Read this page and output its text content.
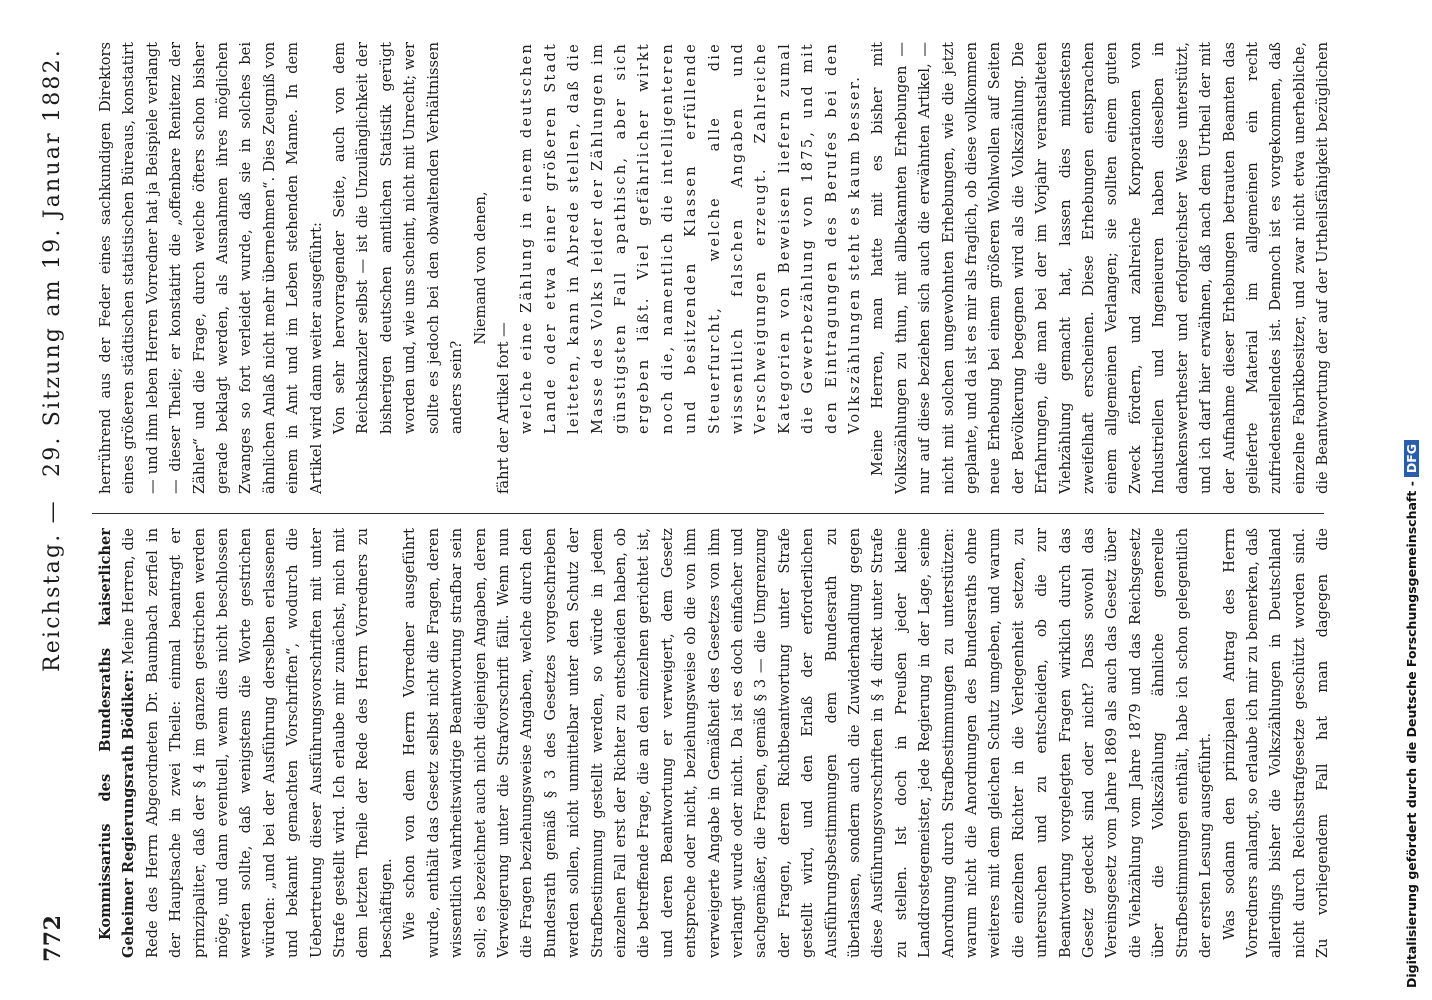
772
Reichstag. —
29. Sitzung am 19. Januar 1882.

Kommissarius des Bundesraths kaiserlicher Geheimer Regierungsrath Bödiker: Meine Herren, die Rede des Herrn Abgeordneten Dr. Baumbach zerfiel in der Hauptsache in zwei Theile: einmal beantragt er prinzipaliter, daß der § 4 im ganzen gestrichen werden möge, und dann eventuell, wenn dies nicht beschlossen werden sollte, daß wenigstens die Worte gestrichen würden: „und bei der Ausführung derselben erlassenen und bekannt gemachten Vorschriften“, wodurch die Uebertretung dieser Ausführungsvorschriften mit unter Strafe gestellt wird. Ich erlaube mir zunächst, mich mit dem letzten Theile der Rede des Herrn Vorredners zu beschäftigen. Wie schon von dem Herrn Vorredner ausgeführt wurde, enthält das Gesetz selbst nicht die Fragen, deren wissentlich wahrheitswidrige Beantwortung strafbar sein soll; es bezeichnet auch nicht diejenigen Angaben, deren Verweigerung unter die Strafvorschrift fällt. Wenn nun die Fragen beziehungsweise Angaben, welche durch den Bundesrath gemäß § 3 des Gesetzes vorgeschrieben werden sollen, nicht unmittelbar unter den Schutz der Strafbestimmung gestellt werden, so würde in jedem einzelnen Fall erst der Richter zu entscheiden haben, ob die betreffende Frage, die an den einzelnen gerichtet ist, und deren Beantwortung er verweigert, dem Gesetz entspreche oder nicht, beziehungsweise ob die von ihm verweigerte Angabe in Gemäßheit des Gesetzes von ihm verlangt wurde oder nicht. Da ist es doch einfacher und sachgemäßer, die Fragen, gemäß § 3 — die Umgrenzung der Fragen, deren Richtbeantwortung unter Strafe gestellt wird, und den Erlaß der erforderlichen Ausführungsbestimmungen dem Bundesrath zu überlassen, sondern auch die Zuwiderhandlung gegen diese Ausführungsvorschriften in § 4 direkt unter Strafe zu stellen. Ist doch in Preußen jeder kleine Landdrostegemeister, jede Regierung in der Lage, seine Anordnung durch Strafbestimmungen zu unterstützen: warum nicht die Anordnungen des Bundesraths ohne weiteres mit dem gleichen Schutz umgeben, und warum die einzelnen Richter in die Verlegenheit setzen, zu untersuchen und zu entscheiden, ob die zur Beantwortung vorgelegten Fragen wirklich durch das Gesetz gedeckt sind oder nicht? Dass sowohl das Vereinsgesetz vom Jahre 1869 als auch das Gesetz über die Viehzählung vom Jahre 1879 und das Reichsgesetz über die Volkszählung ähnliche generelle Strafbestimmungen enthält, habe ich schon gelegentlich der ersten Lesung ausgeführt. Was sodann den prinzipalen Antrag des Herrn Vorredners anlangt, so erlaube ich mir zu bemerken, daß allerdings bisher die Volkszählungen in Deutschland nicht durch Reichsstrafgesetze geschützt worden sind. Zu vorliegendem Fall hat man dagegen die

herrührend aus der Feder eines sachkundigen Direktors eines größeren städtischen statistischen Büreaus, konstatirt — und ihm leben Herren Vorredner hat ja Beispiele verlangt — dieser Theile; er konstatirt die „offenbare Renitenz der Zähler“ und die Frage, durch welche öfters schon bisher gerade beklagt werden, als Ausnahmen ihres möglichen Zwanges so fort verleidet wurde, daß sie in solches bei ähnlichen Anlaß nicht mehr übernehmen“. Dies Zeugniß von einem in Amt und im Leben stehenden Manne. In dem Artikel wird dann weiter ausgeführt: Von sehr hervorragender Seite, auch von dem Reichskanzler selbst — ist die Unzulänglichkeit der bisherigen deutschen amtlichen Statistik gerügt worden und, wie uns scheint, nicht mit Unrecht; wer sollte es jedoch bei den obwaltenden Verhältnissen anders sein?

Niemand von denen,

fährt der Artikel fort — welche eine Zählung in einem deutschen Lande oder etwa einer größeren Stadt leiteten, kann in Abrede stellen, daß die Masse des Volks leider der Zählungen im günstigsten Fall apathisch, aber sich ergeben läßt. Viel gefährlicher wirkt noch die, namentlich die intelligenteren und besitzenden Klassen erfüllende Steuerfurcht, welche alle die wissentlich falschen Angaben und Verschweigungen erzeugt. Zahlreiche Kategorien von Beweisen liefern zumal die Gewerbezählung von 1875, und mit den Eintragungen des Berufes bei den Volkszählungen steht es kaum besser.

Meine Herren, man hatte mit es bisher mit Volkszählungen zu thun, mit allbekannten Erhebungen — nur auf diese beziehen sich auch die erwähnten Artikel, — nicht mit solchen ungewohnten Erhebungen, wie die jetzt geplante, und da ist es mir als fraglich, ob diese vollkommen neue Erhebung bei einem größeren Wohlwollen auf Seiten der Bevölkerung begegnen wird als die Volkszählung. Die Erfahrungen, die man bei der im Vorjahr veranstalteten Viehzählung gemacht hat, lassen dies mindestens zweifelhaft erscheinen. Diese Erhebungen entsprachen einem allgemeinen Verlangen; sie sollten einem guten Zweck fördern, und zahlreiche Korporationen von Industriellen und Ingenieuren haben dieselben in dankenswerthester und erfolgreichster Weise unterstützt, und ich darf hier erwähnen, daß nach dem Urtheil der mit der Aufnahme dieser Erhebungen betrauten Beamten das gelieferte Material im allgemeinen ein recht zufriedenstellendes ist. Dennoch ist es vorgekommen, daß einzelne Fabrikbesitzer, und zwar nicht etwa unerhebliche, die Beantwortung der auf der Urtheilsfähigkeit bezüglichen

Digitalisierung gefördert durch die Deutsche Forschungsgemeinschaft -DFG
